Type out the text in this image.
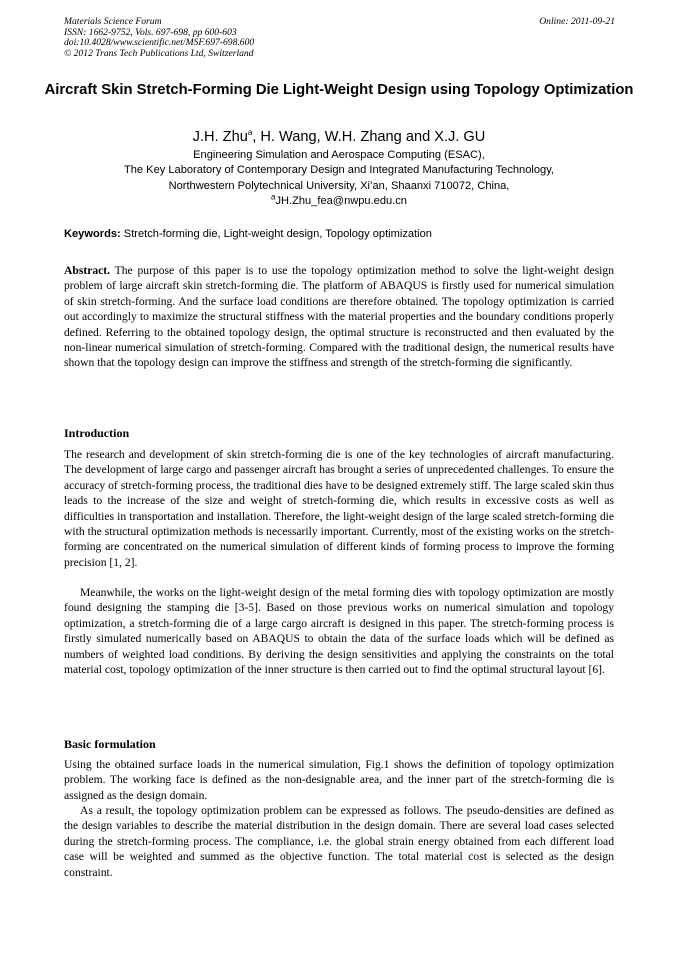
Materials Science Forum
ISSN: 1662-9752, Vols. 697-698, pp 600-603
doi:10.4028/www.scientific.net/MSF.697-698.600
© 2012 Trans Tech Publications Ltd, Switzerland
Online: 2011-09-21
Aircraft Skin Stretch-Forming Die Light-Weight Design using Topology Optimization
J.H. Zhu$^a$, H. Wang, W.H. Zhang and X.J. GU
Engineering Simulation and Aerospace Computing (ESAC),
The Key Laboratory of Contemporary Design and Integrated Manufacturing Technology,
Northwestern Polytechnical University, Xi’an, Shaanxi 710072, China,
$^a$JH.Zhu_fea@nwpu.edu.cn
Keywords: Stretch-forming die, Light-weight design, Topology optimization

Abstract. The purpose of this paper is to use the topology optimization method to solve the light-weight design problem of large aircraft skin stretch-forming die. The platform of ABAQUS is firstly used for numerical simulation of skin stretch-forming. And the surface load conditions are therefore obtained. The topology optimization is carried out accordingly to maximize the structural stiffness with the material properties and the boundary conditions properly defined. Referring to the obtained topology design, the optimal structure is reconstructed and then evaluated by the non-linear numerical simulation of stretch-forming. Compared with the traditional design, the numerical results have shown that the topology design can improve the stiffness and strength of the stretch-forming die significantly.

Introduction

The research and development of skin stretch-forming die is one of the key technologies of aircraft manufacturing. The development of large cargo and passenger aircraft has brought a series of unprecedented challenges. To ensure the accuracy of stretch-forming process, the traditional dies have to be designed extremely stiff. The large scaled skin thus leads to the increase of the size and weight of stretch-forming die, which results in excessive costs as well as difficulties in transportation and installation. Therefore, the light-weight design of the large scaled stretch-forming die with the structural optimization methods is necessarily important. Currently, most of the existing works on the stretch-forming are concentrated on the numerical simulation of different kinds of forming process to improve the forming precision [1, 2].

Meanwhile, the works on the light-weight design of the metal forming dies with topology optimization are mostly found designing the stamping die [3-5]. Based on those previous works on numerical simulation and topology optimization, a stretch-forming die of a large cargo aircraft is designed in this paper. The stretch-forming process is firstly simulated numerically based on ABAQUS to obtain the data of the surface loads which will be defined as numbers of weighted load conditions. By deriving the design sensitivities and applying the constraints on the total material cost, topology optimization of the inner structure is then carried out to find the optimal structural layout [6].

Basic formulation

Using the obtained surface loads in the numerical simulation, Fig.1 shows the definition of topology optimization problem. The working face is defined as the non-designable area, and the inner part of the stretch-forming die is assigned as the design domain.

As a result, the topology optimization problem can be expressed as follows. The pseudo-densities are defined as the design variables to describe the material distribution in the design domain. There are several load cases selected during the stretch-forming process. The compliance, i.e. the global strain energy obtained from each different load case will be weighted and summed as the objective function. The total material cost is selected as the design constraint.
